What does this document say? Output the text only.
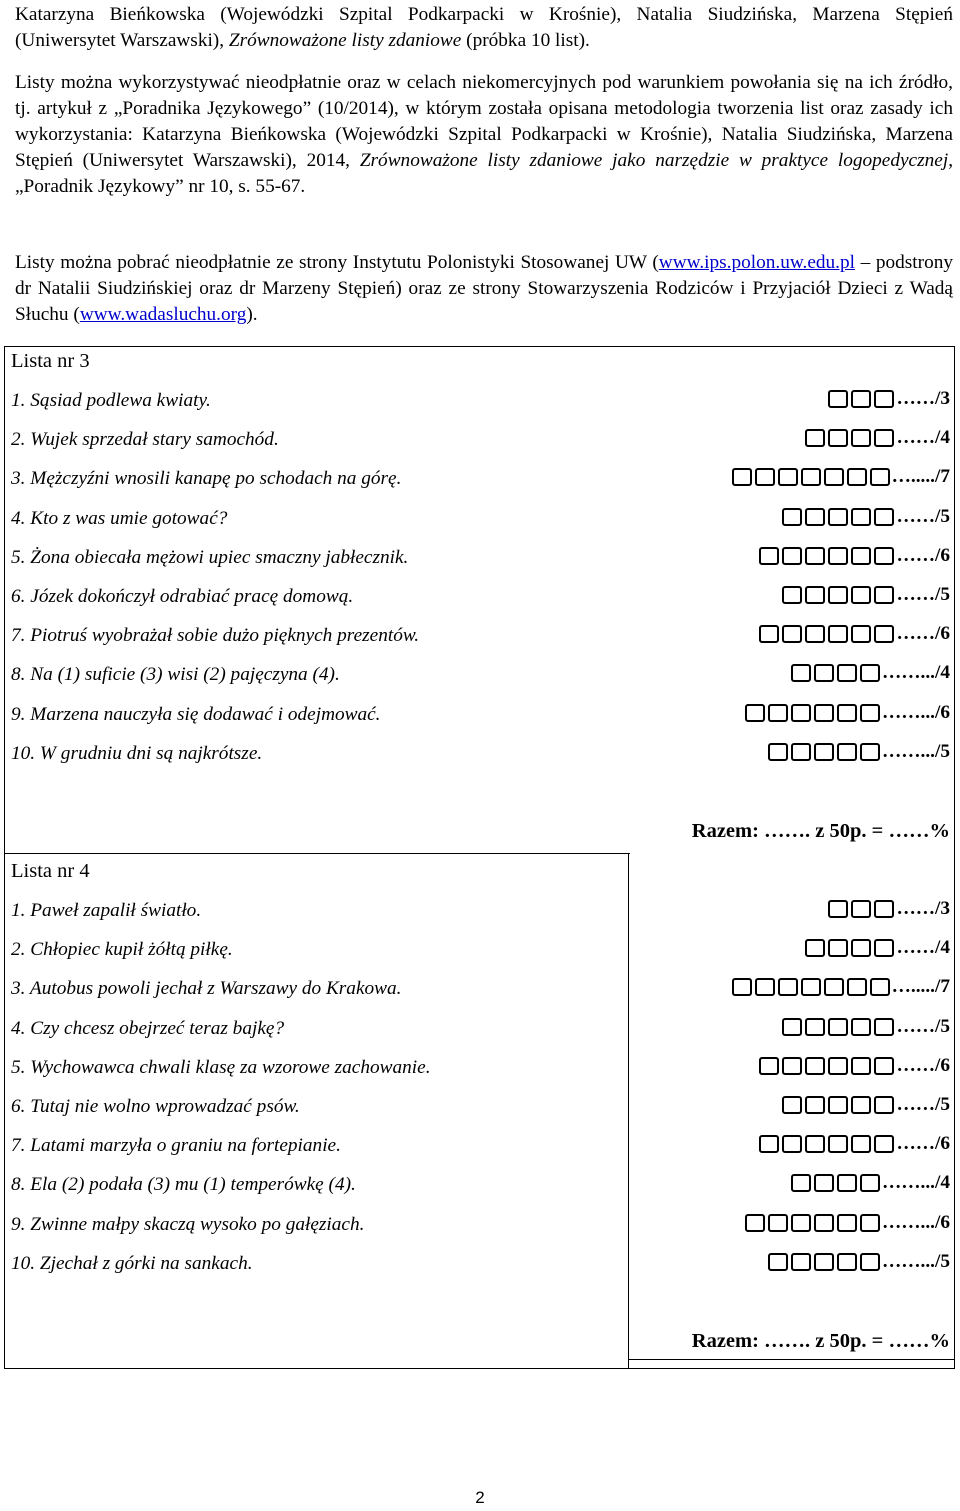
Katarzyna Bieńkowska (Wojewódzki Szpital Podkarpacki w Krośnie), Natalia Siudzińska, Marzena Stępień (Uniwersytet Warszawski), Zrównoważone listy zdaniowe (próbka 10 list).

Listy można wykorzystywać nieodpłatnie oraz w celach niekomercyjnych pod warunkiem powołania się na ich źródło, tj. artykuł z „Poradnika Językowego” (10/2014), w którym została opisana metodologia tworzenia list oraz zasady ich wykorzystania: Katarzyna Bieńkowska (Wojewódzki Szpital Podkarpacki w Krośnie), Natalia Siudzińska, Marzena Stępień (Uniwersytet Warszawski), 2014, Zrównoważone listy zdaniowe jako narzędzie w praktyce logopedycznej, „Poradnik Językowy” nr 10, s. 55-67.

Listy można pobrać nieodpłatnie ze strony Instytutu Polonistyki Stosowanej UW (www.ips.polon.uw.edu.pl – podstrony dr Natalii Siudzińskiej oraz dr Marzeny Stępień) oraz ze strony Stowarzyszenia Rodziców i Przyjaciół Dzieci z Wadą Słuchu (www.wadasluchu.org).

Lista nr 3
1. Sąsiad podlewa kwiaty.	……/3
2. Wujek sprzedał stary samochód.	……/4
3. Mężczyźni wnosili kanapę po schodach na górę.	…...../7
4. Kto z was umie gotować?	……/5
5. Żona obiecała mężowi upiec smaczny jabłecznik.	……/6
6. Józek dokończył odrabiać pracę domową.	……/5
7. Piotruś wyobrażał sobie dużo pięknych prezentów.	……/6
8. Na (1) suficie (3) wisi (2) pajęczyna (4).	…….../4
9. Marzena nauczyła się dodawać i odejmować.	…….../6
10. W grudniu dni są najkrótsze.	…….../5
Razem: ……. z 50p. = ……%
Lista nr 4
1. Paweł zapalił światło.	……/3
2. Chłopiec kupił żółtą piłkę.	……/4
3. Autobus powoli jechał z Warszawy do Krakowa.	…...../7
4. Czy chcesz obejrzeć teraz bajkę?	……/5
5. Wychowawca chwali klasę za wzorowe zachowanie.	……/6
6. Tutaj nie wolno wprowadzać psów.	……/5
7. Latami marzyła o graniu na fortepianie.	……/6
8. Ela (2) podała (3) mu (1) temperówkę (4).	…….../4
9. Zwinne małpy skaczą wysoko po gałęziach.	…….../6
10. Zjechał z górki na sankach.	…….../5
Razem: ……. z 50p. = ……%
2
